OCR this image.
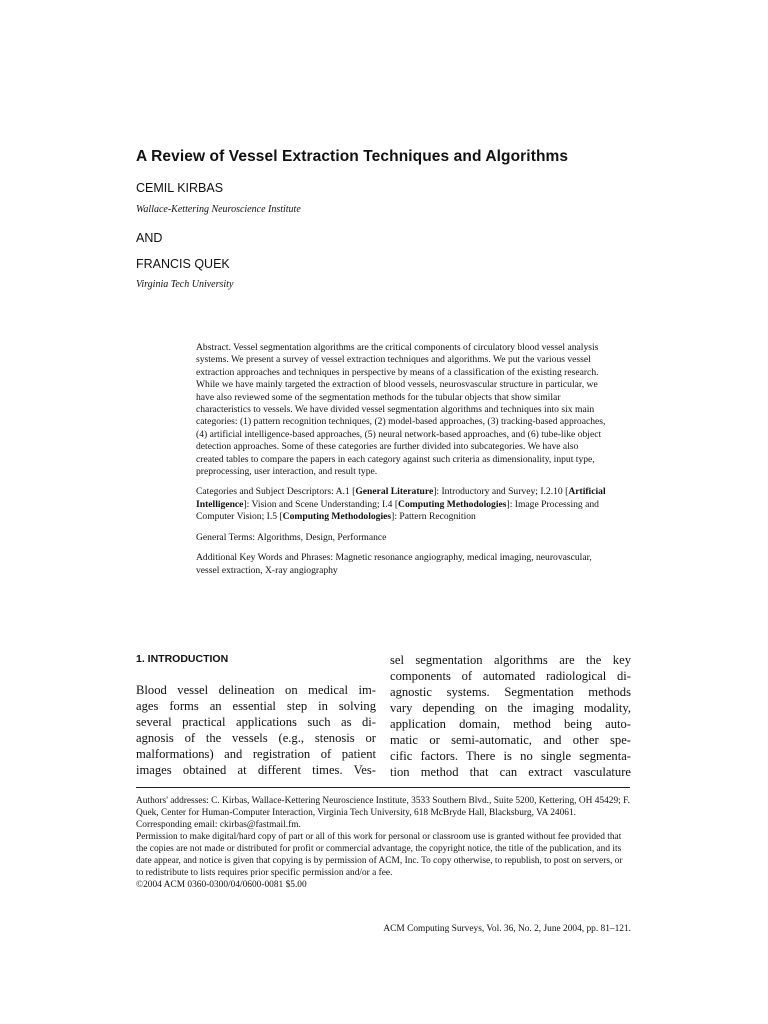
A Review of Vessel Extraction Techniques and Algorithms
CEMIL KIRBAS
Wallace-Kettering Neuroscience Institute
AND
FRANCIS QUEK
Virginia Tech University

Abstract. Vessel segmentation algorithms are the critical components of circulatory blood vessel analysis systems. We present a survey of vessel extraction techniques and algorithms. We put the various vessel extraction approaches and techniques in perspective by means of a classification of the existing research. While we have mainly targeted the extraction of blood vessels, neurosvascular structure in particular, we have also reviewed some of the segmentation methods for the tubular objects that show similar characteristics to vessels. We have divided vessel segmentation algorithms and techniques into six main categories: (1) pattern recognition techniques, (2) model-based approaches, (3) tracking-based approaches, (4) artificial intelligence-based approaches, (5) neural network-based approaches, and (6) tube-like object detection approaches. Some of these categories are further divided into subcategories. We have also created tables to compare the papers in each category against such criteria as dimensionality, input type, preprocessing, user interaction, and result type.

Categories and Subject Descriptors: A.1 [General Literature]: Introductory and Survey; I.2.10 [Artificial Intelligence]: Vision and Scene Understanding; I.4 [Computing Methodologies]: Image Processing and Computer Vision; I.5 [Computing Methodologies]: Pattern Recognition

General Terms: Algorithms, Design, Performance

Additional Key Words and Phrases: Magnetic resonance angiography, medical imaging, neurovascular, vessel extraction, X-ray angiography

1. INTRODUCTION
Blood vessel delineation on medical im-
ages forms an essential step in solving
several practical applications such as di-
agnosis of the vessels (e.g., stenosis or
malformations) and registration of patient
images obtained at different times. Ves-
sel segmentation algorithms are the key
components of automated radiological di-
agnostic systems. Segmentation methods
vary depending on the imaging modality,
application domain, method being auto-
matic or semi-automatic, and other spe-
cific factors. There is no single segmenta-
tion method that can extract vasculature

Authors' addresses: C. Kirbas, Wallace-Kettering Neuroscience Institute, 3533 Southern Blvd., Suite 5200, Kettering, OH 45429; F. Quek, Center for Human-Computer Interaction, Virginia Tech University, 618 McBryde Hall, Blacksburg, VA 24061. Corresponding email: ckirbas@fastmail.fm.

Permission to make digital/hard copy of part or all of this work for personal or classroom use is granted without fee provided that the copies are not made or distributed for profit or commercial advantage, the copyright notice, the title of the publication, and its date appear, and notice is given that copying is by permission of ACM, Inc. To copy otherwise, to republish, to post on servers, or to redistribute to lists requires prior specific permission and/or a fee.

©2004 ACM 0360-0300/04/0600-0081 $5.00

ACM Computing Surveys, Vol. 36, No. 2, June 2004, pp. 81–121.
